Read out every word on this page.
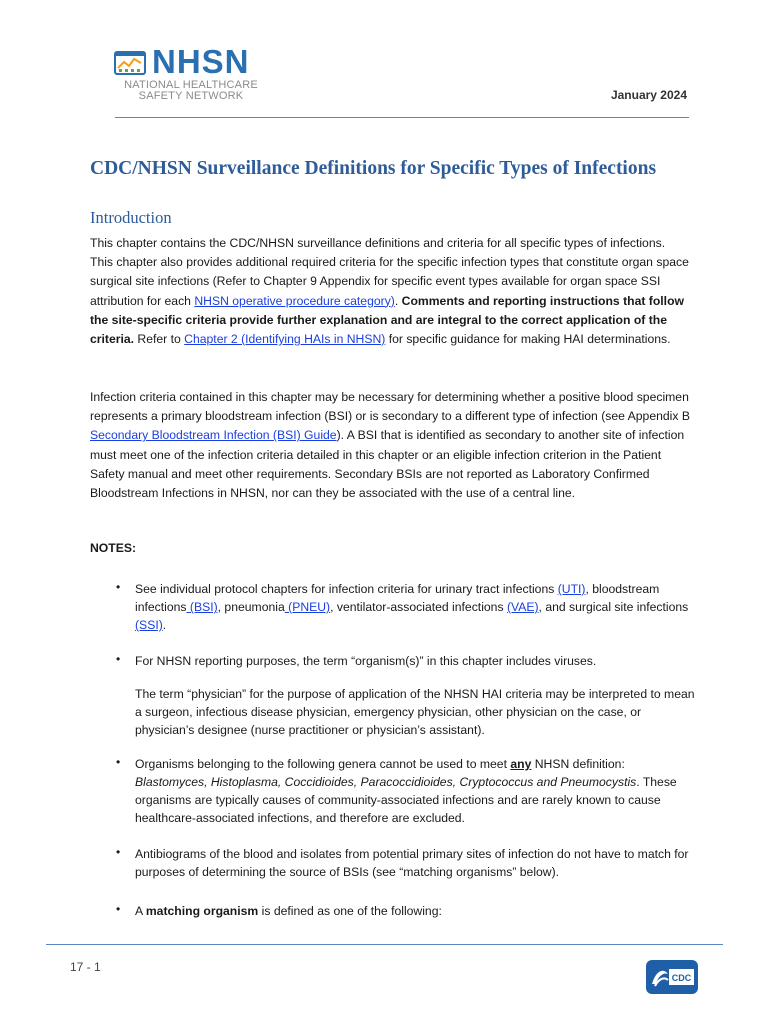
NHSN
NATIONAL HEALTHCARE
SAFETY NETWORK	January 2024
CDC/NHSN Surveillance Definitions for Specific Types of Infections
Introduction

This chapter contains the CDC/NHSN surveillance definitions and criteria for all specific types of infections. This chapter also provides additional required criteria for the specific infection types that constitute organ space surgical site infections (Refer to Chapter 9 Appendix for specific event types available for organ space SSI attribution for each NHSN operative procedure category). Comments and reporting instructions that follow the site-specific criteria provide further explanation and are integral to the correct application of the criteria. Refer to Chapter 2 (Identifying HAIs in NHSN) for specific guidance for making HAI determinations.

Infection criteria contained in this chapter may be necessary for determining whether a positive blood specimen represents a primary bloodstream infection (BSI) or is secondary to a different type of infection (see Appendix B Secondary Bloodstream Infection (BSI) Guide). A BSI that is identified as secondary to another site of infection must meet one of the infection criteria detailed in this chapter or an eligible infection criterion in the Patient Safety manual and meet other requirements. Secondary BSIs are not reported as Laboratory Confirmed Bloodstream Infections in NHSN, nor can they be associated with the use of a central line.

NOTES:
• See individual protocol chapters for infection criteria for urinary tract infections (UTI), bloodstream infections (BSI), pneumonia (PNEU), ventilator-associated infections (VAE), and surgical site infections (SSI).

• For NHSN reporting purposes, the term “organism(s)” in this chapter includes viruses.

The term “physician” for the purpose of application of the NHSN HAI criteria may be interpreted to mean a surgeon, infectious disease physician, emergency physician, other physician on the case, or physician’s designee (nurse practitioner or physician’s assistant).

• Organisms belonging to the following genera cannot be used to meet any NHSN definition: Blastomyces, Histoplasma, Coccidioides, Paracoccidioides, Cryptococcus and Pneumocystis. These organisms are typically causes of community-associated infections and are rarely known to cause healthcare-associated infections, and therefore are excluded.

• Antibiograms of the blood and isolates from potential primary sites of infection do not have to match for purposes of determining the source of BSIs (see “matching organisms” below).

• A matching organism is defined as one of the following:

17 - 1
CDC
